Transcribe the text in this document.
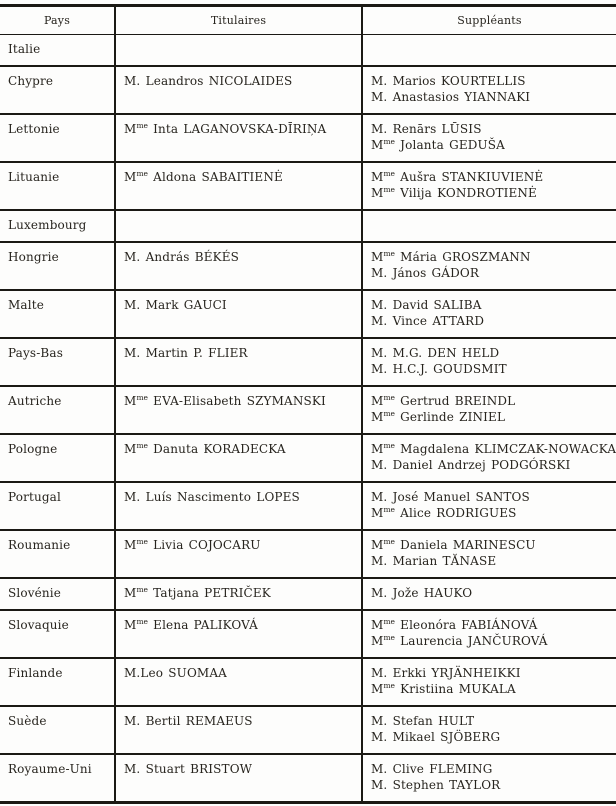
Pays	Titulaires	Suppléants
Italie		
Chypre	M. Leandros NICOLAIDES	M. Marios KOURTELLIS
M. Anastasios YIANNAKI

Lettonie	$M^{me}$ Inta LAGANOVSKA-DĪRIŅA	M. Renārs LŪSIS
$M^{me}$ Jolanta GEDUŠA

Lituanie	$M^{me}$ Aldona SABAITIENĖ	$M^{me}$ Aušra STANKIUVIENĖ
$M^{me}$ Vilija KONDROTIENĖ

Luxembourg		
Hongrie	M. András BÉKÉS	$M^{me}$ Mária GROSZMANN
M. János GÁDOR

Malte	M. Mark GAUCI	M. David SALIBA
M. Vince ATTARD

Pays-Bas	M. Martin P. FLIER	M. M.G. DEN HELD
M. H.C.J. GOUDSMIT

Autriche	$M^{me}$ EVA-Elisabeth SZYMANSKI	$M^{me}$ Gertrud BREINDL
$M^{me}$ Gerlinde ZINIEL

Pologne	$M^{me}$ Danuta KORADECKA	$M^{me}$ Magdalena KLIMCZAK-NOWACKA
M. Daniel Andrzej PODGÓRSKI

Portugal	M. Luís Nascimento LOPES	M. José Manuel SANTOS
$M^{me}$ Alice RODRIGUES

Roumanie	$M^{me}$ Livia COJOCARU	$M^{me}$ Daniela MARINESCU
M. Marian TĂNASE

Slovénie	$M^{me}$ Tatjana PETRIČEK	M. Jože HAUKO

Slovaquie	$M^{me}$ Elena PALIKOVÁ	$M^{me}$ Eleonóra FABIÁNOVÁ
$M^{me}$ Laurencia JANČUROVÁ

Finlande	M.Leo SUOMAA	M. Erkki YRJÄNHEIKKI
$M^{me}$ Kristiina MUKALA

Suède	M. Bertil REMAEUS	M. Stefan HULT
M. Mikael SJÖBERG

Royaume-Uni	M. Stuart BRISTOW	M. Clive FLEMING
M. Stephen TAYLOR
